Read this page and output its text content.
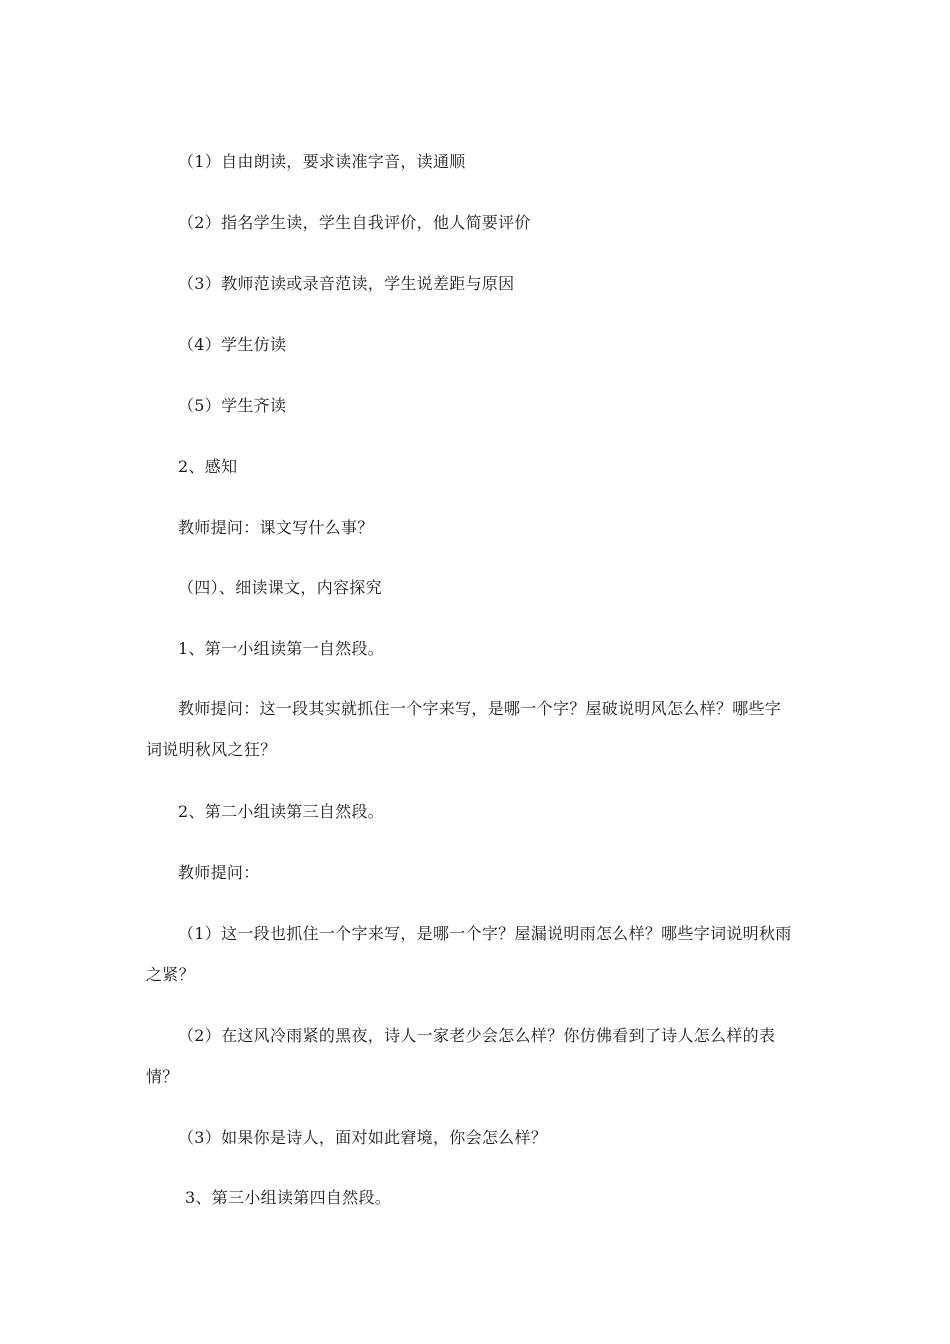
（1）自由朗读，要求读准字音，读通顺
（2）指名学生读，学生自我评价，他人简要评价
（3）教师范读或录音范读，学生说差距与原因
（4）学生仿读
（5）学生齐读
2、感知
教师提问：课文写什么事？
（四）、细读课文，内容探究
1、第一小组读第一自然段。
教师提问：这一段其实就抓住一个字来写，是哪一个字？屋破说明风怎么样？哪些字
词说明秋风之狂？
2、第二小组读第三自然段。
教师提问：
（1）这一段也抓住一个字来写，是哪一个字？屋漏说明雨怎么样？哪些字词说明秋雨
之紧？
（2）在这风冷雨紧的黑夜，诗人一家老少会怎么样？你仿佛看到了诗人怎么样的表
情？
（3）如果你是诗人，面对如此窘境，你会怎么样？
3、第三小组读第四自然段。
